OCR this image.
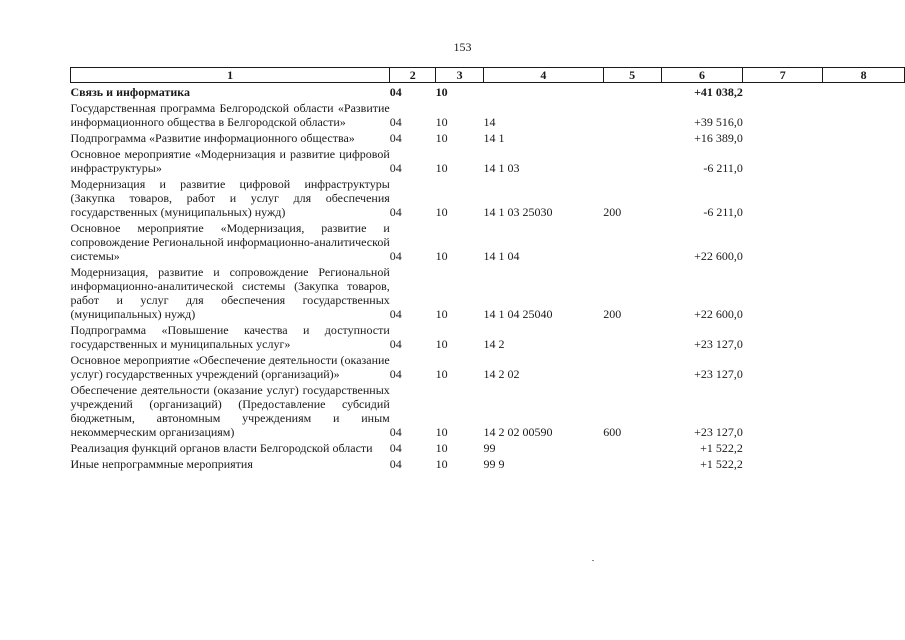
153
1	2	3	4	5	6	7	8
Связь и информатика	04	10			+41 038,2		
Государственная программа Белгородской области «Развитие информационного общества в Белгородской области»	04	10	14		+39 516,0		
Подпрограмма «Развитие информационного общества»	04	10	14 1		+16 389,0		
Основное мероприятие «Модернизация и развитие цифровой инфраструктуры»	04	10	14 1 03		-6 211,0		
Модернизация и развитие цифровой инфраструктуры (Закупка товаров, работ и услуг для обеспечения государственных (муниципальных) нужд)	04	10	14 1 03 25030	200	-6 211,0		
Основное мероприятие «Модернизация, развитие и сопровождение Региональной информационно-аналитической системы»	04	10	14 1 04		+22 600,0		
Модернизация, развитие и сопровождение Региональной информационно-аналитической системы (Закупка товаров, работ и услуг для обеспечения государственных (муниципальных) нужд)	04	10	14 1 04 25040	200	+22 600,0		
Подпрограмма «Повышение качества и доступности государственных и муниципальных услуг»	04	10	14 2		+23 127,0		
Основное мероприятие «Обеспечение деятельности (оказание услуг) государственных учреждений (организаций)»	04	10	14 2 02		+23 127,0		
Обеспечение деятельности (оказание услуг) государственных учреждений (организаций) (Предоставление субсидий бюджетным, автономным учреждениям и иным некоммерческим организациям)	04	10	14 2 02 00590	600	+23 127,0		
Реализация функций органов власти Белгородской области	04	10	99		+1 522,2		
Иные непрограммные мероприятия	04	10	99 9		+1 522,2		
